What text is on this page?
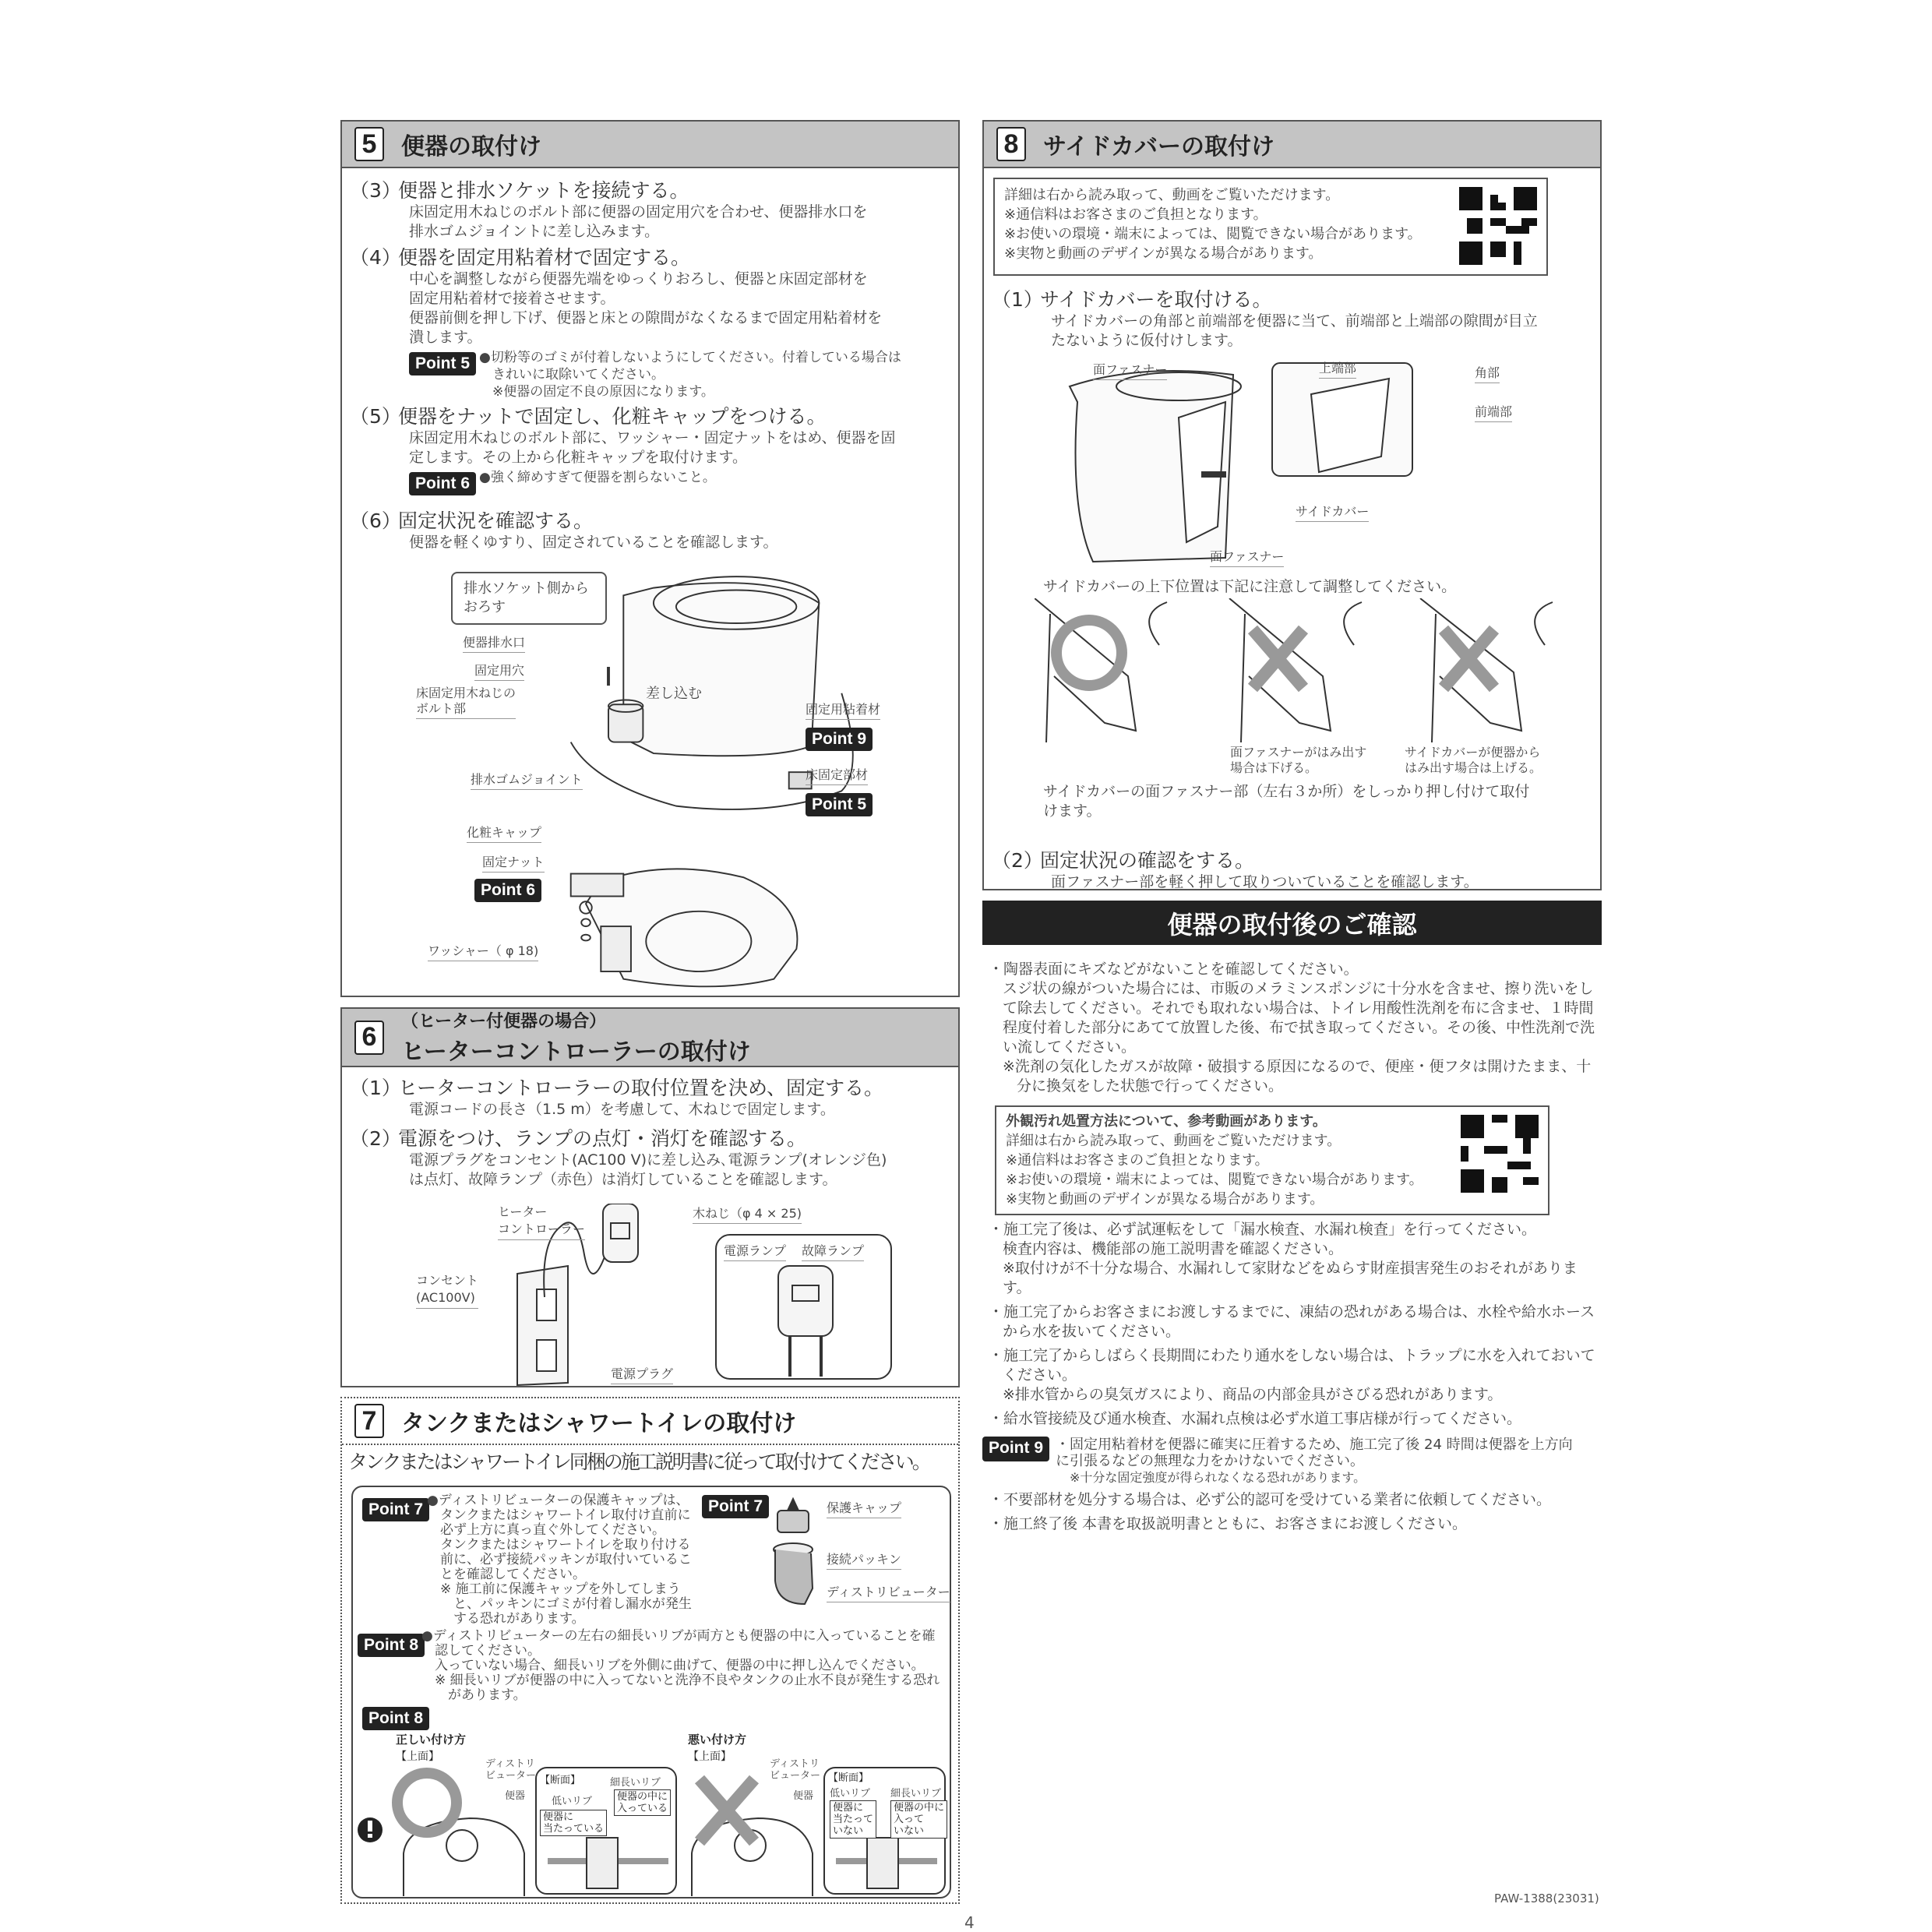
5	便器の取付け
（3）便器と排水ソケットを接続する。
床固定用木ねじのボルト部に便器の固定用穴を合わせ、便器排水口を
排水ゴムジョイントに差し込みます。
（4）便器を固定用粘着材で固定する。
中心を調整しながら便器先端をゆっくりおろし、便器と床固定部材を
固定用粘着材で接着させます。
便器前側を押し下げ、便器と床との隙間がなくなるまで固定用粘着材を
潰します。
Point 5 ●切粉等のゴミが付着しないようにしてください。付着している場合は
きれいに取除いてください。
※便器の固定不良の原因になります。
（5）便器をナットで固定し、化粧キャップをつける。
床固定用木ねじのボルト部に、ワッシャー・固定ナットをはめ、便器を固
定します。その上から化粧キャップを取付けます。
Point 6 ●強く締めすぎて便器を割らないこと。
（6）固定状況を確認する。
便器を軽くゆすり、固定されていることを確認します。
排水ソケット側から
おろす
便器排水口
固定用穴
床固定用木ねじの
ボルト部
差し込む
排水ゴムジョイント
固定用粘着材
Point 9
床固定部材
Point 5
化粧キャップ
固定ナット
Point 6
ワッシャー（ φ 18)
6
（ヒーター付便器の場合）
ヒーターコントローラーの取付け
（1）ヒーターコントローラーの取付位置を決め、固定する。
電源コードの長さ（1.5 m）を考慮して、木ねじで固定します。
（2）電源をつけ、ランプの点灯・消灯を確認する。
電源プラグをコンセント(AC100 V)に差し込み､電源ランプ(オレンジ色)
は点灯、故障ランプ（赤色）は消灯していることを確認します。
ヒーター
コントローラー
木ねじ（φ 4 × 25)
コンセント
(AC100V)
電源プラグ
電源ランプ 故障ランプ
7	タンクまたはシャワートイレの取付け
タンクまたはシャワートイレ同梱の施工説明書に従って取付けてください。
Point 7 ●ディストリビューターの保護キャップは、
タンクまたはシャワートイレ取付け直前に
必ず上方に真っ直ぐ外してください。
タンクまたはシャワートイレを取り付ける
前に、必ず接続パッキンが取付いているこ
とを確認してください。
※ 施工前に保護キャップを外してしまう
　と、パッキンにゴミが付着し漏水が発生
　する恐れがあります。
Point 7	保護キャップ
接続パッキン
ディストリビューター
Point 8 ●ディストリビューターの左右の細長いリブが両方とも便器の中に入っていることを確
認してください。
入っていない場合、細長いリブを外側に曲げて、便器の中に押し込んでください。
※ 細長いリブが便器の中に入ってないと洗浄不良やタンクの止水不良が発生する恐れ
　があります。
Point 8
正しい付け方
【上面】
悪い付け方
【上面】
ディストリ
ビューター
便器
【断面】	細長いリブ
低いリブ
便器に
当たっている
便器の中に
入っている
ディストリ
ビューター
便器
【断面】
低いリブ 細長いリブ
便器に
当たって
いない
便器の中に
入って
いない
8	サイドカバーの取付け
詳細は右から読み取って、動画をご覧いただけます。
※通信料はお客さまのご負担となります。
※お使いの環境・端末によっては、閲覧できない場合があります。
※実物と動画のデザインが異なる場合があります。
（1）サイドカバーを取付ける。
サイドカバーの角部と前端部を便器に当て、前端部と上端部の隙間が目立
たないように仮付けします。
面ファスナー	上端部	角部
前端部
サイドカバー
面ファスナー
サイドカバーの上下位置は下記に注意して調整してください。
面ファスナーがはみ出す
場合は下げる。
サイドカバーが便器から
はみ出す場合は上げる。
サイドカバーの面ファスナー部（左右３か所）をしっかり押し付けて取付
けます。
（2）固定状況の確認をする。
面ファスナー部を軽く押して取りついていることを確認します。
便器の取付後のご確認
・陶器表面にキズなどがないことを確認してください。
スジ状の線がついた場合には、市販のメラミンスポンジに十分水を含ませ、擦り洗いをして除去してください。それでも取れない場合は、トイレ用酸性洗剤を布に含ませ、１時間程度付着した部分にあてて放置した後、布で拭き取ってください。その後、中性洗剤で洗い流してください。
※洗剤の気化したガスが故障・破損する原因になるので、便座・便フタは開けたまま、十分に換気をした状態で行ってください。
外観汚れ処置方法について、参考動画があります。
詳細は右から読み取って、動画をご覧いただけます。
※通信料はお客さまのご負担となります。
※お使いの環境・端末によっては、閲覧できない場合があります。
※実物と動画のデザインが異なる場合があります。
・施工完了後は、必ず試運転をして「漏水検査、水漏れ検査」を行ってください。
検査内容は、機能部の施工説明書を確認ください。
※取付けが不十分な場合、水漏れして家財などをぬらす財産損害発生のおそれがあります。
・施工完了からお客さまにお渡しするまでに、凍結の恐れがある場合は、水栓や給水ホースから水を抜いてください。
・施工完了からしばらく長期間にわたり通水をしない場合は、トラップに水を入れておいてください。
※排水管からの臭気ガスにより、商品の内部金具がさびる恐れがあります。
・給水管接続及び通水検査、水漏れ点検は必ず水道工事店様が行ってください。
Point 9 ・固定用粘着材を便器に確実に圧着するため、施工完了後 24 時間は便器を上方向に引張るなどの無理な力をかけないでください。
※十分な固定強度が得られなくなる恐れがあります。
・不要部材を処分する場合は、必ず公的認可を受けている業者に依頼してください。
・施工終了後 本書を取扱説明書とともに、お客さまにお渡しください。
PAW-1388(23031)
4
